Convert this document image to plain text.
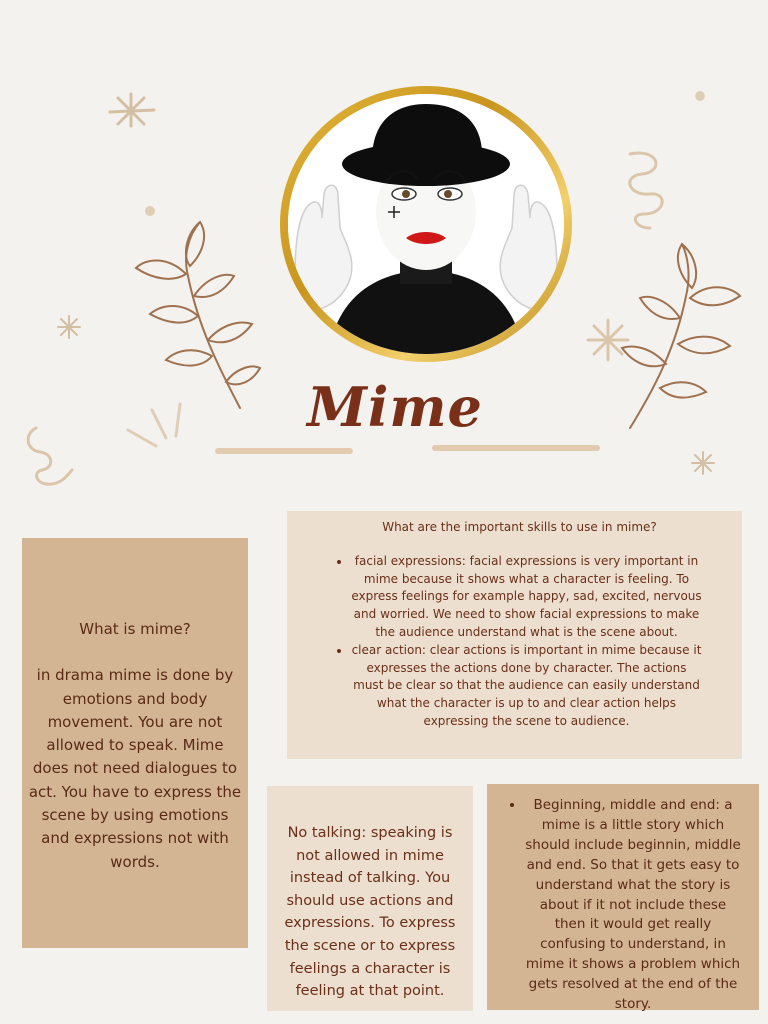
Mime
What is mime?
in drama mime is done by emotions and body movement. You are not allowed to speak. Mime does not need dialogues to act. You have to express the scene by using emotions and expressions not with words.
What are the important skills to use in mime?
• facial expressions: facial expressions is very important in mime because it shows what a character is feeling. To express feelings for example happy, sad, excited, nervous and worried. We need to show facial expressions to make the audience understand what is the scene about.
• clear action: clear actions is important in mime because it expresses the actions done by character. The actions must be clear so that the audience can easily understand what the character is up to and clear action helps expressing the scene to audience.
No talking: speaking is not allowed in mime instead of talking. You should use actions and expressions. To express the scene or to express feelings a character is feeling at that point.
• Beginning, middle and end: a mime is a little story which should include beginnin, middle and end. So that it gets easy to understand what the story is about if it not include these then it would get really confusing to understand, in mime it shows a problem which gets resolved at the end of the story.
